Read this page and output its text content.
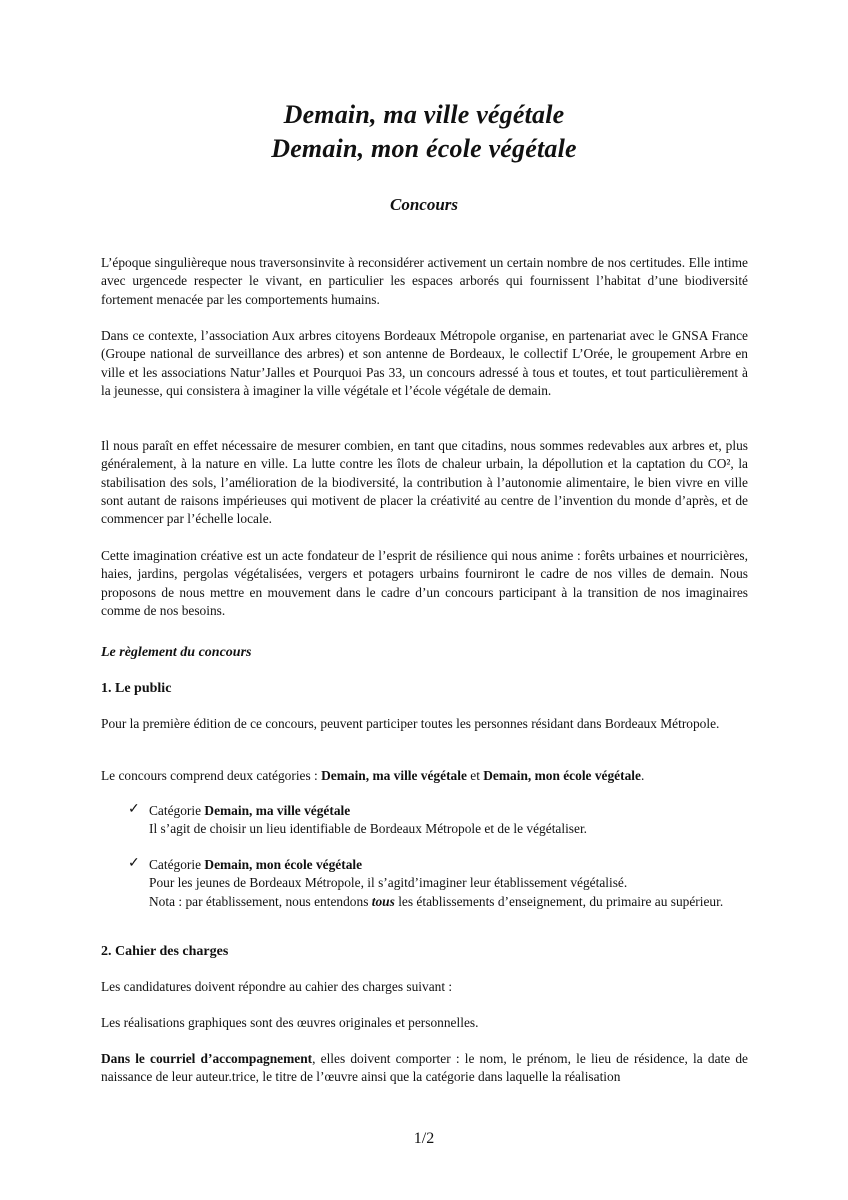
Demain, ma ville végétale
Demain, mon école végétale
Concours
L’époque singulièreque nous traversonsinvite à reconsidérer activement un certain nombre de nos certitudes. Elle intime avec urgencede respecter le vivant, en particulier les espaces arborés qui fournissent l’habitat d’une biodiversité fortement menacée par les comportements humains.
Dans ce contexte, l’association Aux arbres citoyens Bordeaux Métropole organise, en partenariat avec le GNSA France (Groupe national de surveillance des arbres) et son antenne de Bordeaux, le collectif L’Orée, le groupement Arbre en ville et les associations Natur’Jalles et Pourquoi Pas 33, un concours adressé à tous et toutes, et tout particulièrement à la jeunesse, qui consistera à imaginer la ville végétale et l’école végétale de demain.
Il nous paraît en effet nécessaire de mesurer combien, en tant que citadins, nous sommes redevables aux arbres et, plus généralement, à la nature en ville. La lutte contre les îlots de chaleur urbain, la dépollution et la captation du CO², la stabilisation des sols, l’amélioration de la biodiversité, la contribution à l’autonomie alimentaire, le bien vivre en ville sont autant de raisons impérieuses qui motivent de placer la créativité au centre de l’invention du monde d’après, et de commencer par l’échelle locale.
Cette imagination créative est un acte fondateur de l’esprit de résilience qui nous anime : forêts urbaines et nourricières, haies, jardins, pergolas végétalisées, vergers et potagers urbains fourniront le cadre de nos villes de demain. Nous proposons de nous mettre en mouvement dans le cadre d’un concours participant à la transition de nos imaginaires comme de nos besoins.
Le règlement du concours
1. Le public
Pour la première édition de ce concours, peuvent participer toutes les personnes résidant dans Bordeaux Métropole.
Le concours comprend deux catégories : Demain, ma ville végétale et Demain, mon école végétale.
✓ Catégorie Demain, ma ville végétale
Il s’agit de choisir un lieu identifiable de Bordeaux Métropole et de le végétaliser.
✓ Catégorie Demain, mon école végétale
Pour les jeunes de Bordeaux Métropole, il s’agitd’imaginer leur établissement végétalisé.
Nota : par établissement, nous entendons tous les établissements d’enseignement, du primaire au supérieur.
2. Cahier des charges
Les candidatures doivent répondre au cahier des charges suivant :
Les réalisations graphiques sont des œuvres originales et personnelles.
Dans le courriel d’accompagnement, elles doivent comporter : le nom, le prénom, le lieu de résidence, la date de naissance de leur auteur.trice, le titre de l’œuvre ainsi que la catégorie dans laquelle la réalisation
1/2
